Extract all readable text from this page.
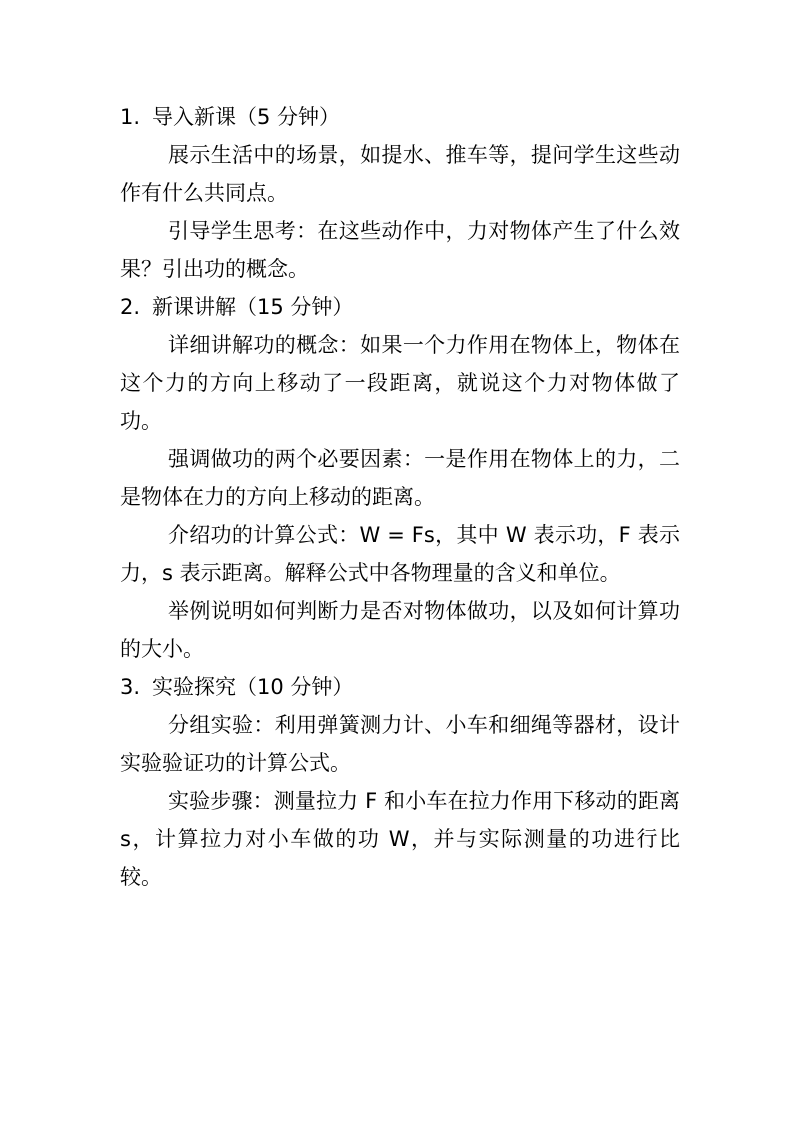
1. 导入新课（5 分钟）

展示生活中的场景，如提水、推车等，提问学生这些动作有什么共同点。

引导学生思考：在这些动作中，力对物体产生了什么效果？引出功的概念。

2. 新课讲解（15 分钟）

详细讲解功的概念：如果一个力作用在物体上，物体在这个力的方向上移动了一段距离，就说这个力对物体做了功。

强调做功的两个必要因素：一是作用在物体上的力，二是物体在力的方向上移动的距离。

介绍功的计算公式：W = Fs，其中 W 表示功，F 表示力，s 表示距离。解释公式中各物理量的含义和单位。

举例说明如何判断力是否对物体做功，以及如何计算功的大小。

3. 实验探究（10 分钟）

分组实验：利用弹簧测力计、小车和细绳等器材，设计实验验证功的计算公式。

实验步骤：测量拉力 F 和小车在拉力作用下移动的距离 s，计算拉力对小车做的功 W，并与实际测量的功进行比较。
